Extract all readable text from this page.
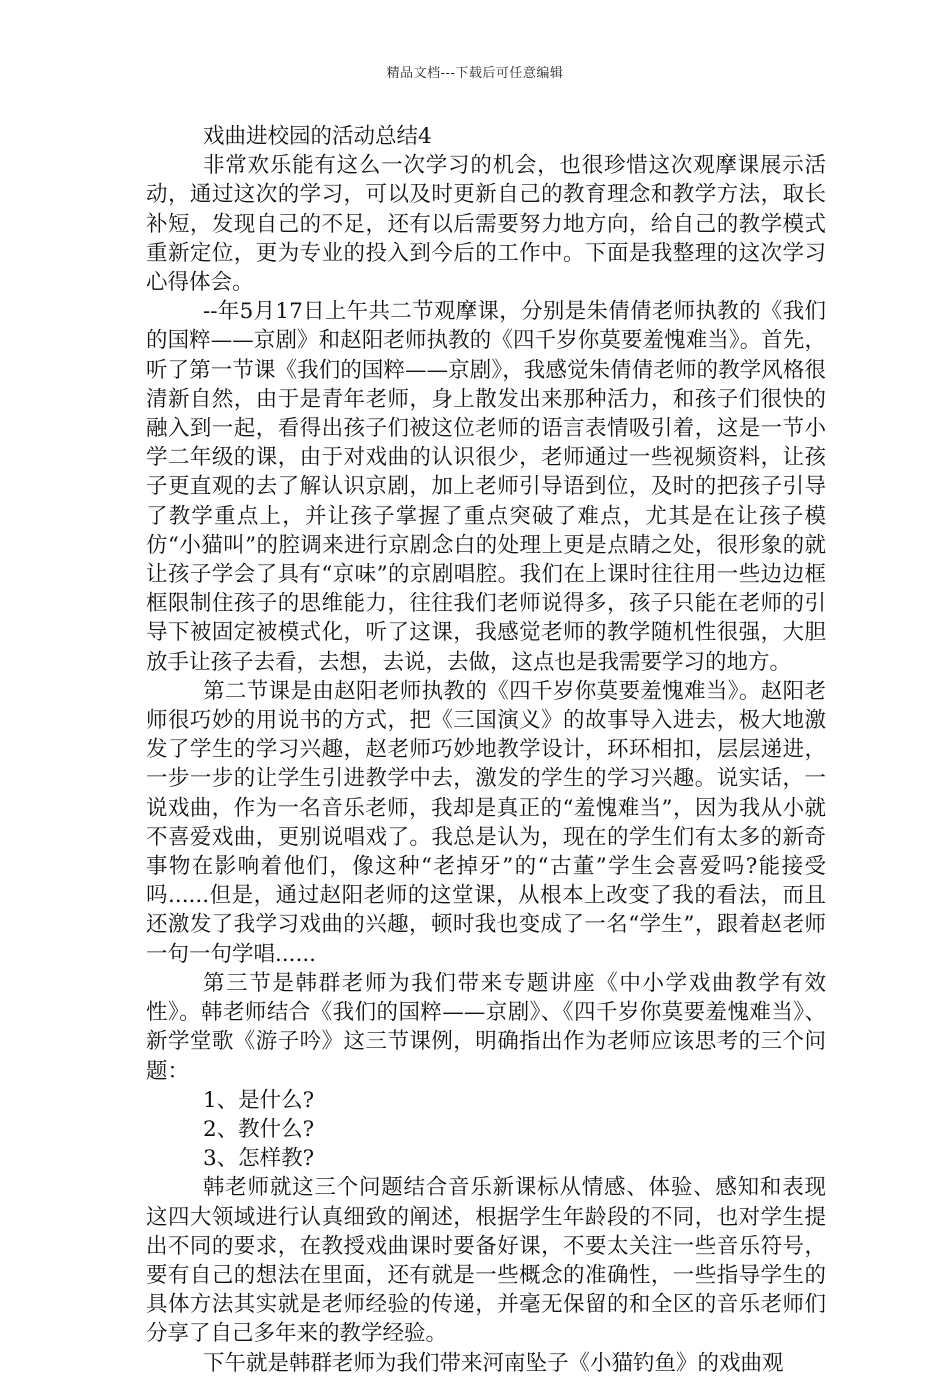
精品文档---下载后可任意编辑
戏曲进校园的活动总结4

非常欢乐能有这么一次学习的机会，也很珍惜这次观摩课展示活动，通过这次的学习，可以及时更新自己的教育理念和教学方法，取长补短，发现自己的不足，还有以后需要努力地方向，给自己的教学模式重新定位，更为专业的投入到今后的工作中。下面是我整理的这次学习心得体会。

--年5月17日上午共二节观摩课，分别是朱倩倩老师执教的《我们的国粹——京剧》和赵阳老师执教的《四千岁你莫要羞愧难当》。首先，听了第一节课《我们的国粹——京剧》，我感觉朱倩倩老师的教学风格很清新自然，由于是青年老师，身上散发出来那种活力，和孩子们很快的融入到一起，看得出孩子们被这位老师的语言表情吸引着，这是一节小学二年级的课，由于对戏曲的认识很少，老师通过一些视频资料，让孩子更直观的去了解认识京剧，加上老师引导语到位，及时的把孩子引导了教学重点上，并让孩子掌握了重点突破了难点，尤其是在让孩子模仿“小猫叫”的腔调来进行京剧念白的处理上更是点睛之处，很形象的就让孩子学会了具有“京味”的京剧唱腔。我们在上课时往往用一些边边框框限制住孩子的思维能力，往往我们老师说得多，孩子只能在老师的引导下被固定被模式化，听了这课，我感觉老师的教学随机性很强，大胆放手让孩子去看，去想，去说，去做，这点也是我需要学习的地方。

第二节课是由赵阳老师执教的《四千岁你莫要羞愧难当》。赵阳老师很巧妙的用说书的方式，把《三国演义》的故事导入进去，极大地激发了学生的学习兴趣，赵老师巧妙地教学设计，环环相扣，层层递进，一步一步的让学生引进教学中去，激发的学生的学习兴趣。说实话，一说戏曲，作为一名音乐老师，我却是真正的“羞愧难当”，因为我从小就不喜爱戏曲，更别说唱戏了。我总是认为，现在的学生们有太多的新奇事物在影响着他们，像这种“老掉牙”的“古董”学生会喜爱吗?能接受吗......但是，通过赵阳老师的这堂课，从根本上改变了我的看法，而且还激发了我学习戏曲的兴趣，顿时我也变成了一名“学生”，跟着赵老师一句一句学唱......

第三节是韩群老师为我们带来专题讲座《中小学戏曲教学有效性》。韩老师结合《我们的国粹——京剧》、《四千岁你莫要羞愧难当》、新学堂歌《游子吟》这三节课例，明确指出作为老师应该思考的三个问题：

1、是什么?

2、教什么?

3、怎样教?

韩老师就这三个问题结合音乐新课标从情感、体验、感知和表现这四大领域进行认真细致的阐述，根据学生年龄段的不同，也对学生提出不同的要求，在教授戏曲课时要备好课，不要太关注一些音乐符号，要有自己的想法在里面，还有就是一些概念的准确性，一些指导学生的具体方法其实就是老师经验的传递，并毫无保留的和全区的音乐老师们分享了自己多年来的教学经验。

下午就是韩群老师为我们带来河南坠子《小猫钓鱼》的戏曲观
